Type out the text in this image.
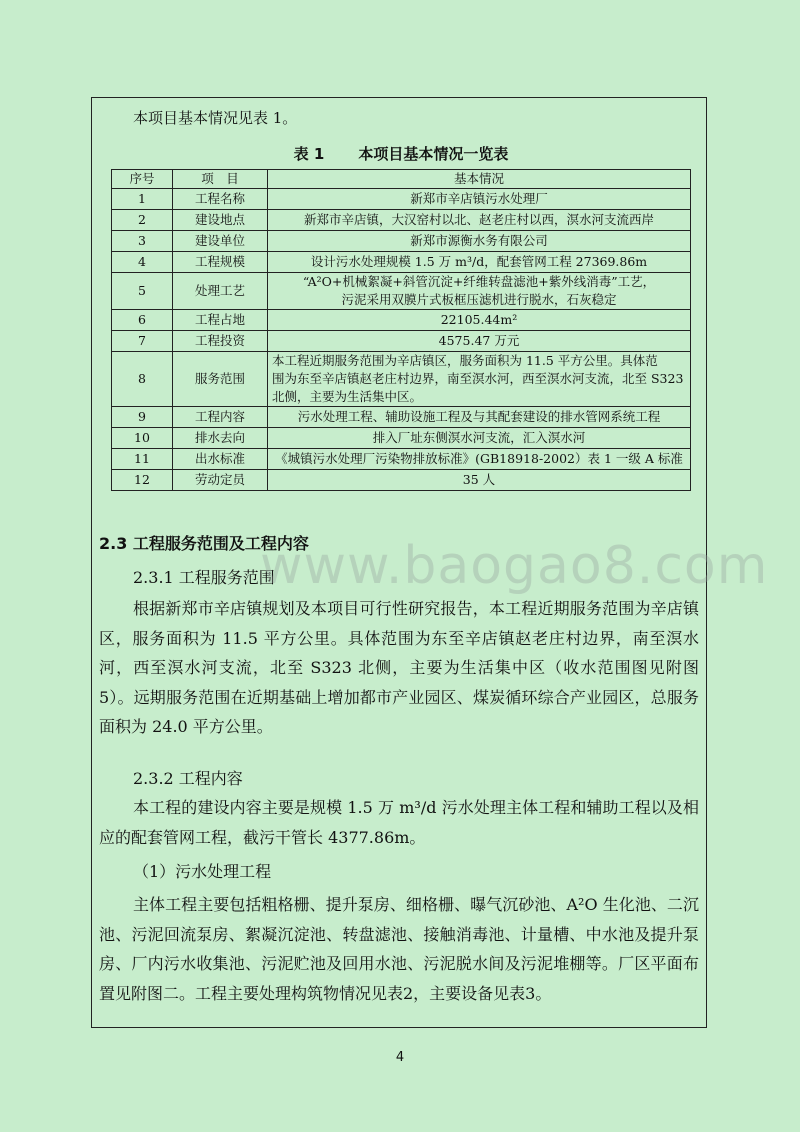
本项目基本情况见表 1。
表 1 本项目基本情况一览表
序号	项　目	基本情况
1	工程名称	新郑市辛店镇污水处理厂
2	建设地点	新郑市辛店镇，大汉窑村以北、赵老庄村以西，溟水河支流西岸
3	建设单位	新郑市源衡水务有限公司
4	工程规模	设计污水处理规模 1.5 万 m³/d，配套管网工程 27369.86m
5	处理工艺	“A²O+机械絮凝+斜管沉淀+纤维转盘滤池+紫外线消毒”工艺，
污泥采用双膜片式板框压滤机进行脱水，石灰稳定

6	工程占地	22105.44m²
7	工程投资	4575.47 万元
8	服务范围	本工程近期服务范围为辛店镇区，服务面积为 11.5 平方公里。具体范
围为东至辛店镇赵老庄村边界，南至溟水河，西至溟水河支流，北至 S323
北侧，主要为生活集中区。

9	工程内容	污水处理工程、辅助设施工程及与其配套建设的排水管网系统工程
10	排水去向	排入厂址东侧溟水河支流，汇入溟水河
11	出水标准	《城镇污水处理厂污染物排放标准》(GB18918-2002）表 1 一级 A 标准
12	劳动定员	35 人
2.3 工程服务范围及工程内容
2.3.1 工程服务范围

根据新郑市辛店镇规划及本项目可行性研究报告，本工程近期服务范围为辛店镇区，服务面积为 11.5 平方公里。具体范围为东至辛店镇赵老庄村边界，南至溟水河，西至溟水河支流，北至 S323 北侧，主要为生活集中区（收水范围图见附图 5）。远期服务范围在近期基础上增加都市产业园区、煤炭循环综合产业园区，总服务面积为 24.0 平方公里。

2.3.2 工程内容

本工程的建设内容主要是规模 1.5 万 m³/d 污水处理主体工程和辅助工程以及相应的配套管网工程，截污干管长 4377.86m。

（1）污水处理工程

主体工程主要包括粗格栅、提升泵房、细格栅、曝气沉砂池、A²O 生化池、二沉池、污泥回流泵房、絮凝沉淀池、转盘滤池、接触消毒池、计量槽、中水池及提升泵房、厂内污水收集池、污泥贮池及回用水池、污泥脱水间及污泥堆棚等。厂区平面布置见附图二。工程主要处理构筑物情况见表2，主要设备见表3。

www.baogao8.com
4
